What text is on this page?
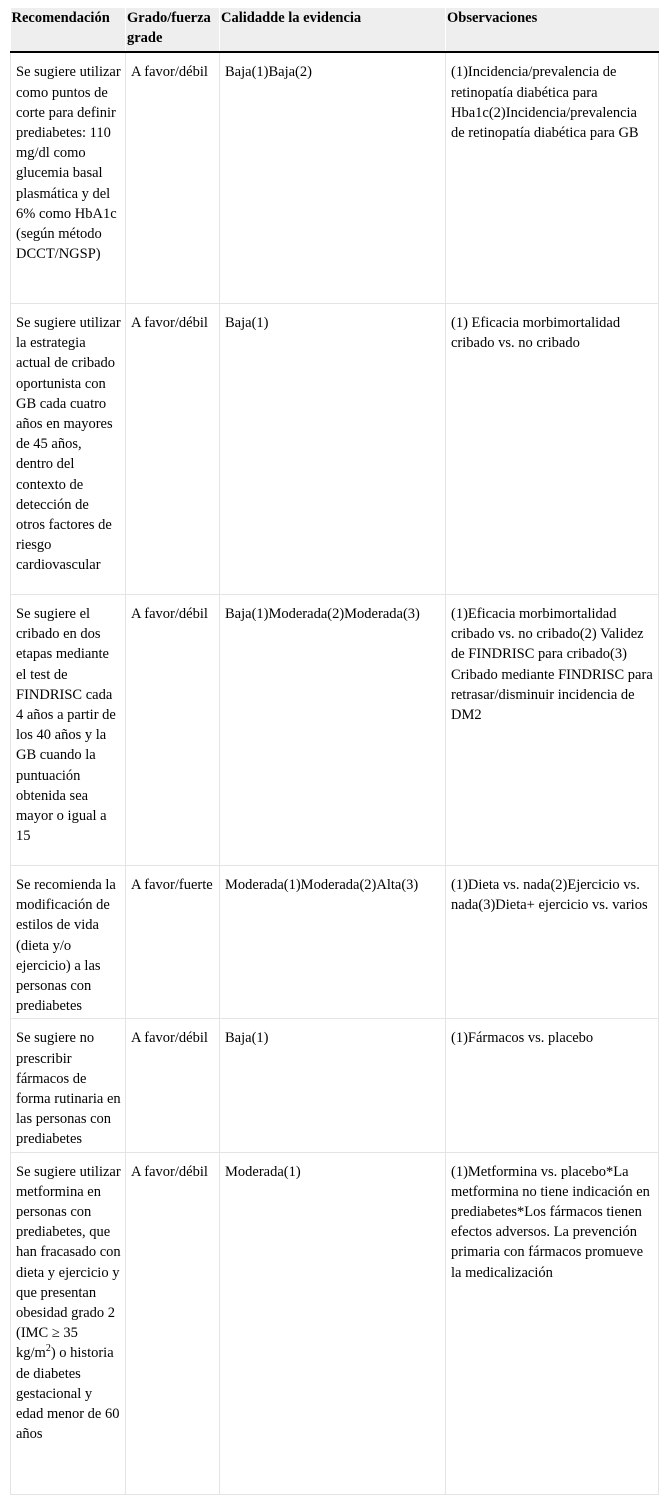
Recomendación	Grado/fuerza grade	Calidadde la evidencia	Observaciones
Se sugiere utilizar como puntos de corte para definir prediabetes: 110 mg/dl como glucemia basal plasmática y del 6% como HbA1c (según método DCCT/NGSP)	A favor/débil	Baja(1)Baja(2)	(1)Incidencia/prevalencia de retinopatía diabética para Hba1c(2)Incidencia/prevalencia de retinopatía diabética para GB
Se sugiere utilizar la estrategia actual de cribado oportunista con GB cada cuatro años en mayores de 45 años, dentro del contexto de detección de otros factores de riesgo cardiovascular	A favor/débil	Baja(1)	(1) Eficacia morbimortalidad cribado vs. no cribado
Se sugiere el cribado en dos etapas mediante el test de FINDRISC cada 4 años a partir de los 40 años y la GB cuando la puntuación obtenida sea mayor o igual a 15	A favor/débil	Baja(1)Moderada(2)Moderada(3)	(1)Eficacia morbimortalidad cribado vs. no cribado(2) Validez de FINDRISC para cribado(3) Cribado mediante FINDRISC para retrasar/disminuir incidencia de DM2
Se recomienda la modificación de estilos de vida (dieta y/o ejercicio) a las personas con prediabetes	A favor/fuerte	Moderada(1)Moderada(2)Alta(3)	(1)Dieta vs. nada(2)Ejercicio vs. nada(3)Dieta+ ejercicio vs. varios
Se sugiere no prescribir fármacos de forma rutinaria en las personas con prediabetes	A favor/débil	Baja(1)	(1)Fármacos vs. placebo
Se sugiere utilizar metformina en personas con prediabetes, que han fracasado con dieta y ejercicio y que presentan obesidad grado 2 (IMC ≥ 35 $kg/m^2$) o historia de diabetes gestacional y edad menor de 60 años	A favor/débil	Moderada(1)	(1)Metformina vs. placebo*La metformina no tiene indicación en prediabetes*Los fármacos tienen efectos adversos. La prevención primaria con fármacos promueve la medicalización
